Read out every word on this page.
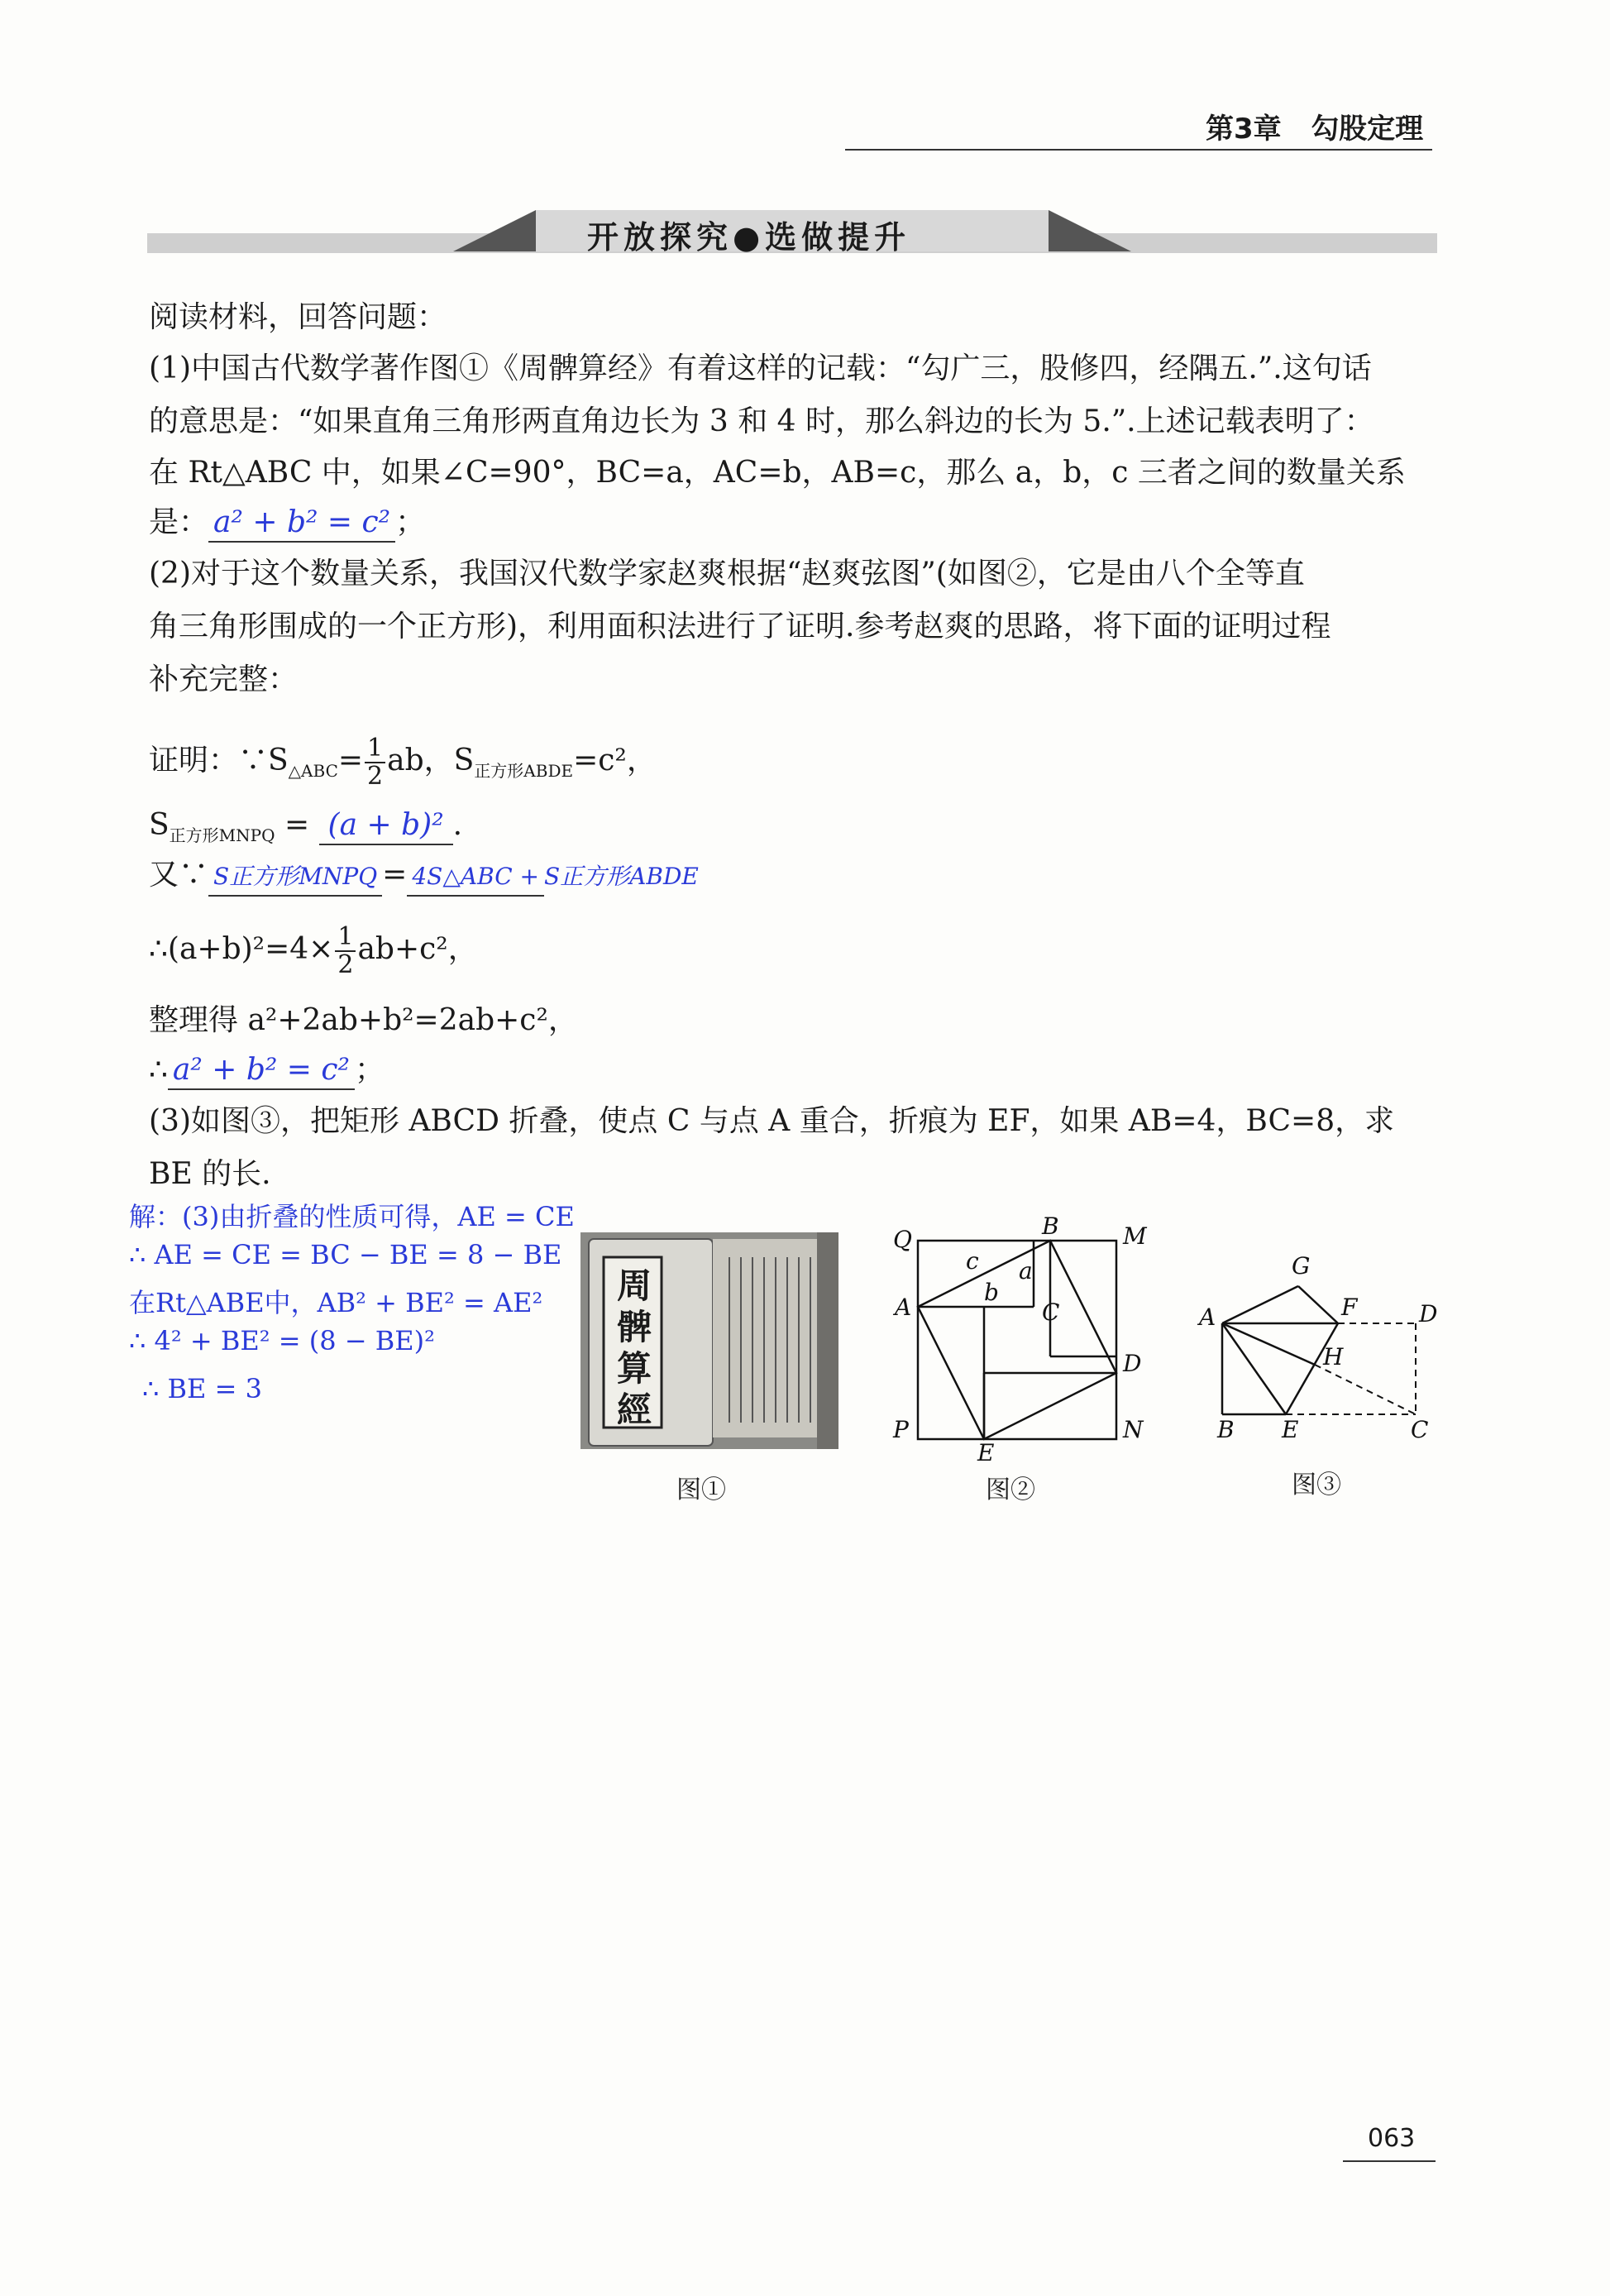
第3章 勾股定理
开放探究●选做提升
阅读材料，回答问题：
(1)中国古代数学著作图①《周髀算经》有着这样的记载：“勾广三，股修四，经隅五.”.这句话
的意思是：“如果直角三角形两直角边长为 3 和 4 时，那么斜边的长为 5.”.上述记载表明了：
在 Rt△ABC 中，如果∠C=90°，BC=a，AC=b，AB=c，那么 a，b，c 三者之间的数量关系
是： a² + b² = c² ；
(2)对于这个数量关系，我国汉代数学家赵爽根据“赵爽弦图”(如图②，它是由八个全等直
角三角形围成的一个正方形)，利用面积法进行了证明.参考赵爽的思路，将下面的证明过程
补充完整：
证明：$\because S_{\triangle ABC}= \frac{1}{2}$ ab，$S_{正方形ABDE}=c^2$，
$S_{正方形MNPQ} = (a + b)^2$ .
又∵ S正方形MNPQ = 4S△ABC + S正方形ABDE
∴(a+b)²=4× $\frac{1}{2} ab+c^2$，
整理得 a²+2ab+b²=2ab+c²，
∴ a² + b² = c² ；
(3)如图③，把矩形 ABCD 折叠，使点 C 与点 A 重合，折痕为 EF，如果 AB=4，BC=8，求
BE 的长.
解：(3)由折叠的性质可得，AE = CE
∴ AE = CE = BC − BE = 8 − BE
在Rt△ABE中，AB² + BE² = AE²
∴ 4² + BE² = (8 − BE)²
∴ BE = 3
周髀算經
图①
Q	B	M
A	C
D
P
E
N
a
b
c
图②
G
A	F	D
H
B E	C
图③
063
